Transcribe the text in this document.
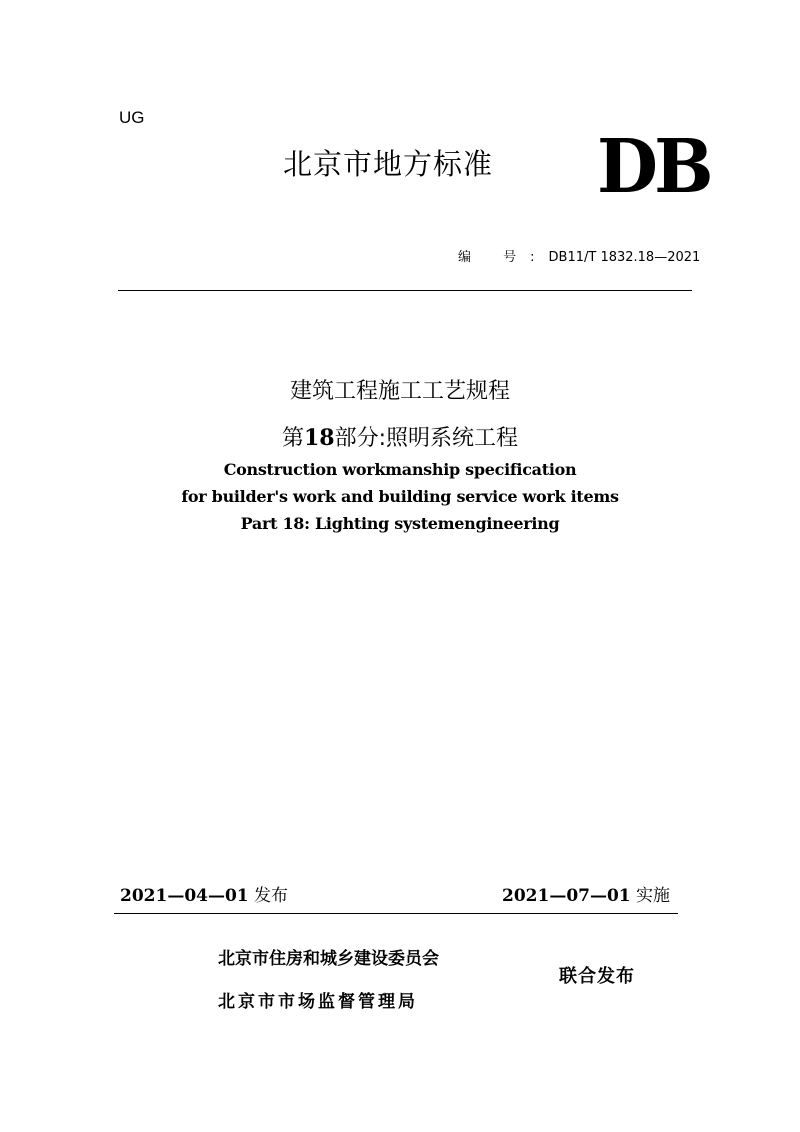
UG
北京市地方标准 DB
编 号:DB11/T 1832.18—2021
建筑工程施工工艺规程
第18部分:照明系统工程
Construction workmanship specification
for builder's work and building service work items
Part 18: Lighting systemengineering
2021—04—01 发布	2021—07—01 实施
北京市住房和城乡建设委员会
北京市市场监督管理局
联合发布
